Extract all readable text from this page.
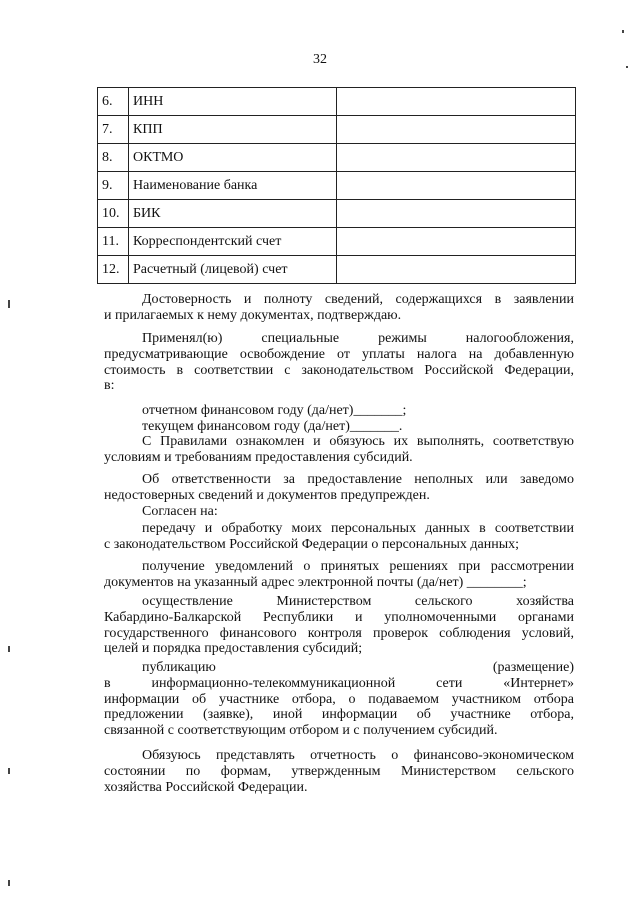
32
6.	ИНН	
7.	КПП	
8.	ОКТМО	
9.	Наименование банка	
10.	БИК	
11.	Корреспондентский счет	
12.	Расчетный (лицевой) счет	

Достоверность и полноту сведений, содержащихся в заявлении

и прилагаемых к нему документах, подтверждаю.

Применял(ю) специальные режимы налогообложения,

предусматривающие освобождение от уплаты налога на добавленную

стоимость в соответствии с законодательством Российской Федерации,

в:

отчетном финансовом году (да/нет)_______;

текущем финансовом году (да/нет)_______.

С Правилами ознакомлен и обязуюсь их выполнять, соответствую

условиям и требованиям предоставления субсидий.

Об ответственности за предоставление неполных или заведомо

недостоверных сведений и документов предупрежден.

Согласен на:

передачу и обработку моих персональных данных в соответствии

с законодательством Российской Федерации о персональных данных;

получение уведомлений о принятых решениях при рассмотрении

документов на указанный адрес электронной почты (да/нет) ________;

осуществление Министерством сельского хозяйства

Кабардино-Балкарской Республики и уполномоченными органами

государственного финансового контроля проверок соблюдения условий,

целей и порядка предоставления субсидий;

публикацию	(размещение)

в информационно-телекоммуникационной сети «Интернет»

информации об участнике отбора, о подаваемом участником отбора

предложении (заявке), иной информации об участнике отбора,

связанной с соответствующим отбором и с получением субсидий.

Обязуюсь представлять отчетность о финансово-экономическом

состоянии по формам, утвержденным Министерством сельского

хозяйства Российской Федерации.
